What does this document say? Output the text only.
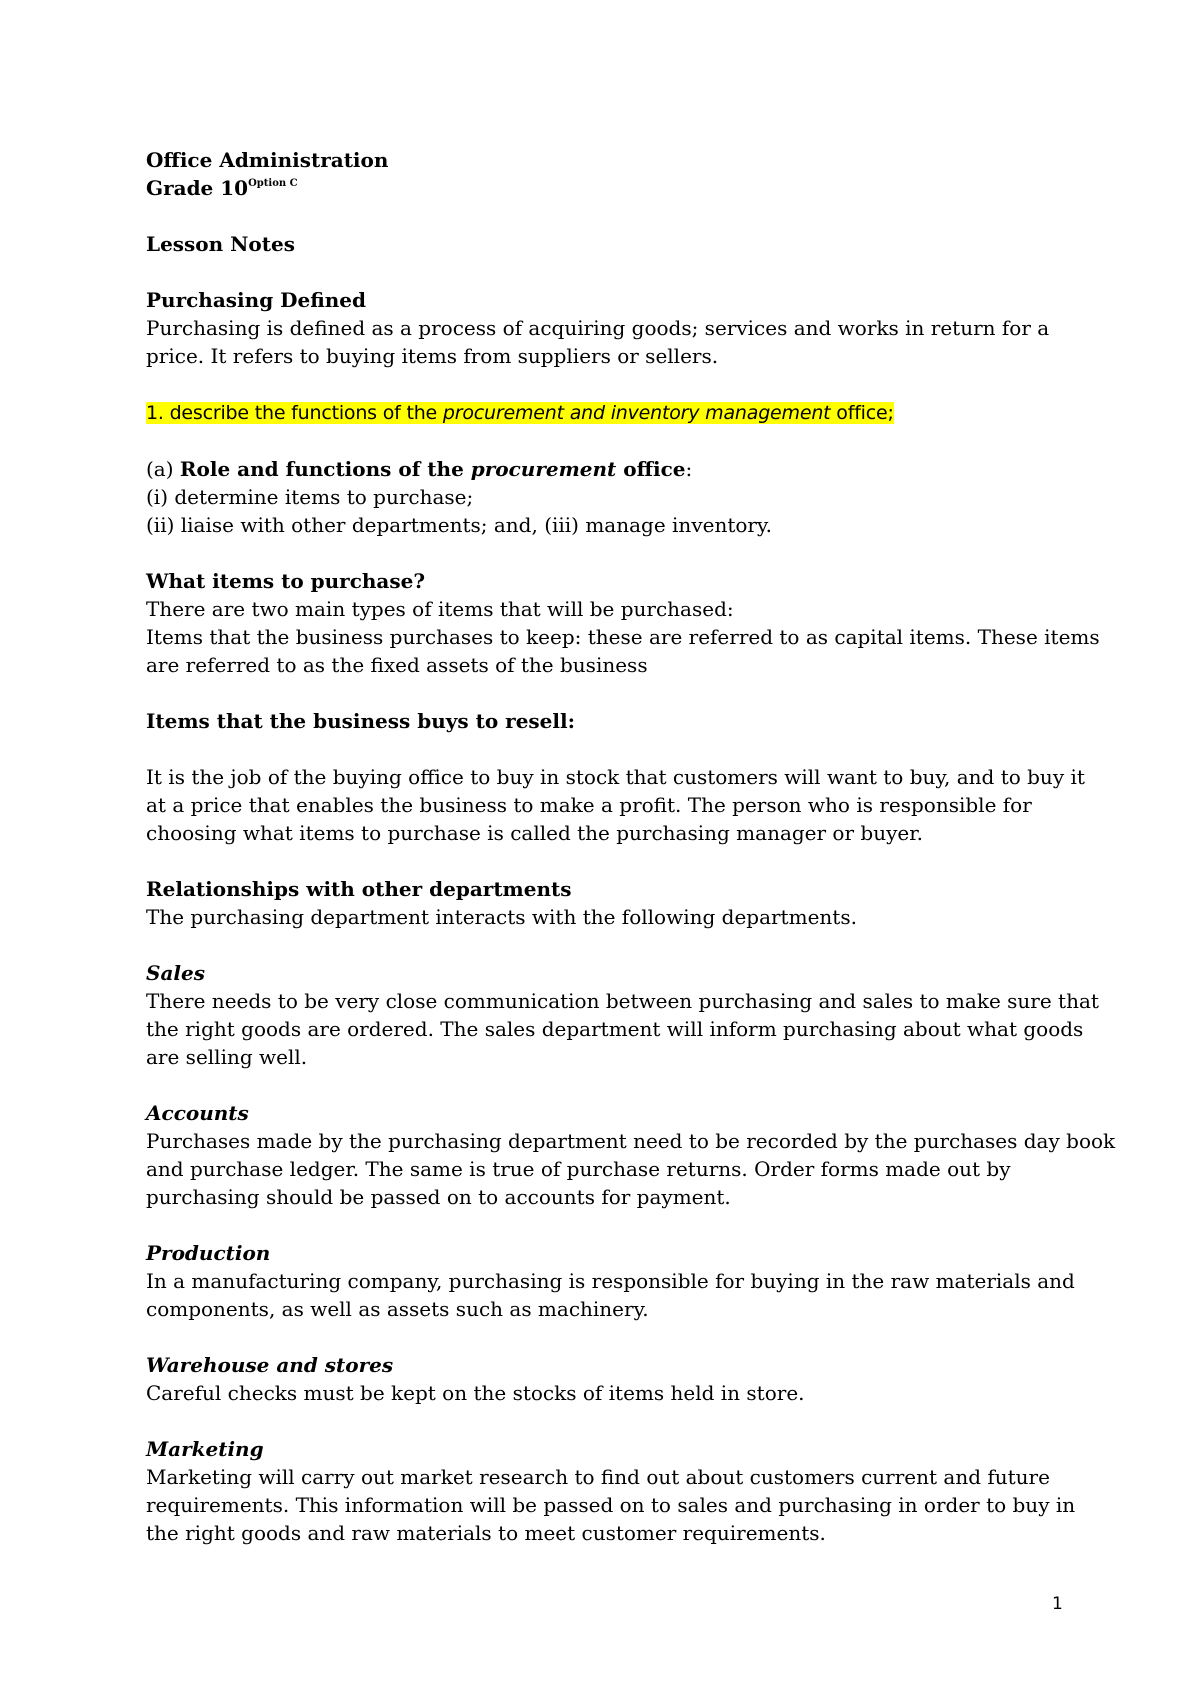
Office Administration

Grade $10^{Option C}$

Lesson Notes

Purchasing Defined

Purchasing is defined as a process of acquiring goods; services and works in return for a

price. It refers to buying items from suppliers or sellers.

1. describe the functions of the procurement and inventory management office;

(a) Role and functions of the procurement office:

(i) determine items to purchase;

(ii) liaise with other departments; and, (iii) manage inventory.

What items to purchase?

There are two main types of items that will be purchased:

Items that the business purchases to keep: these are referred to as capital items. These items

are referred to as the fixed assets of the business

Items that the business buys to resell:

It is the job of the buying office to buy in stock that customers will want to buy, and to buy it

at a price that enables the business to make a profit. The person who is responsible for

choosing what items to purchase is called the purchasing manager or buyer.

Relationships with other departments

The purchasing department interacts with the following departments.

Sales

There needs to be very close communication between purchasing and sales to make sure that

the right goods are ordered. The sales department will inform purchasing about what goods

are selling well.

Accounts

Purchases made by the purchasing department need to be recorded by the purchases day book

and purchase ledger. The same is true of purchase returns. Order forms made out by

purchasing should be passed on to accounts for payment.

Production

In a manufacturing company, purchasing is responsible for buying in the raw materials and

components, as well as assets such as machinery.

Warehouse and stores

Careful checks must be kept on the stocks of items held in store.

Marketing

Marketing will carry out market research to find out about customers current and future

requirements. This information will be passed on to sales and purchasing in order to buy in

the right goods and raw materials to meet customer requirements.

1
